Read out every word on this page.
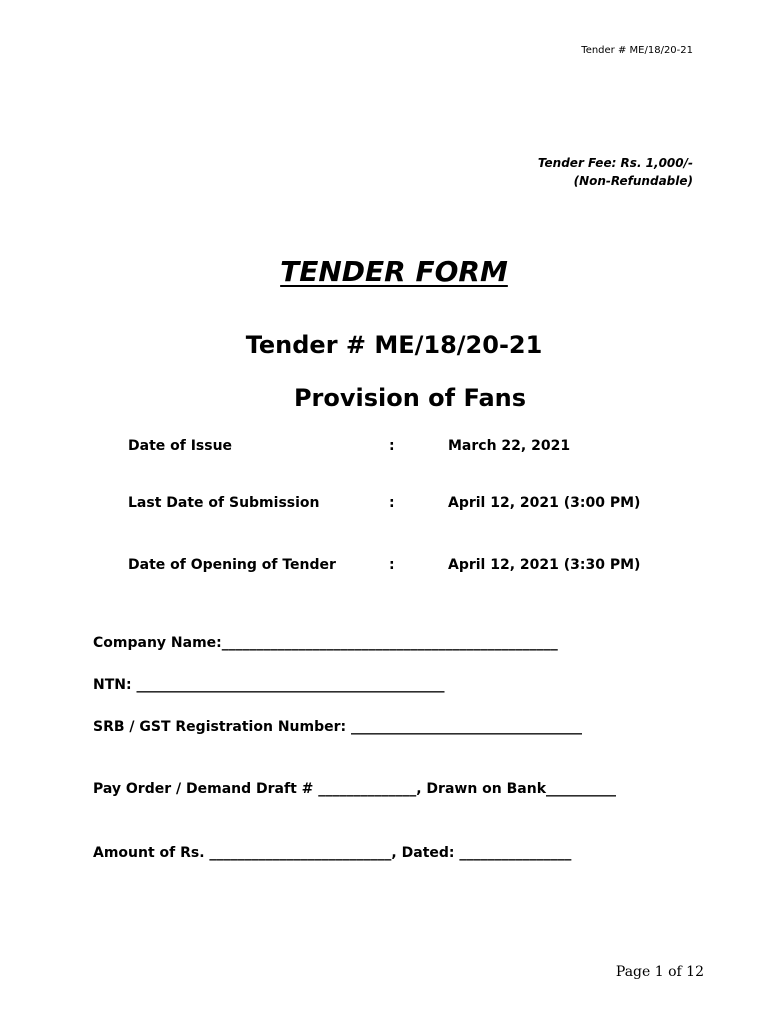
Tender # ME/18/20-21
Tender Fee: Rs. 1,000/-
(Non-Refundable)
TENDER FORM
Tender # ME/18/20-21
Provision of Fans
Date of Issue	:	March 22, 2021
Last Date of Submission	:	April 12, 2021 (3:00 PM)
Date of Opening of Tender	:	April 12, 2021 (3:30 PM)
Company Name:________________________________________________
NTN: ____________________________________________
SRB / GST Registration Number: _________________________________
Pay Order / Demand Draft # ______________, Drawn on Bank__________
Amount of Rs. __________________________, Dated: ________________
Page 1 of 12
